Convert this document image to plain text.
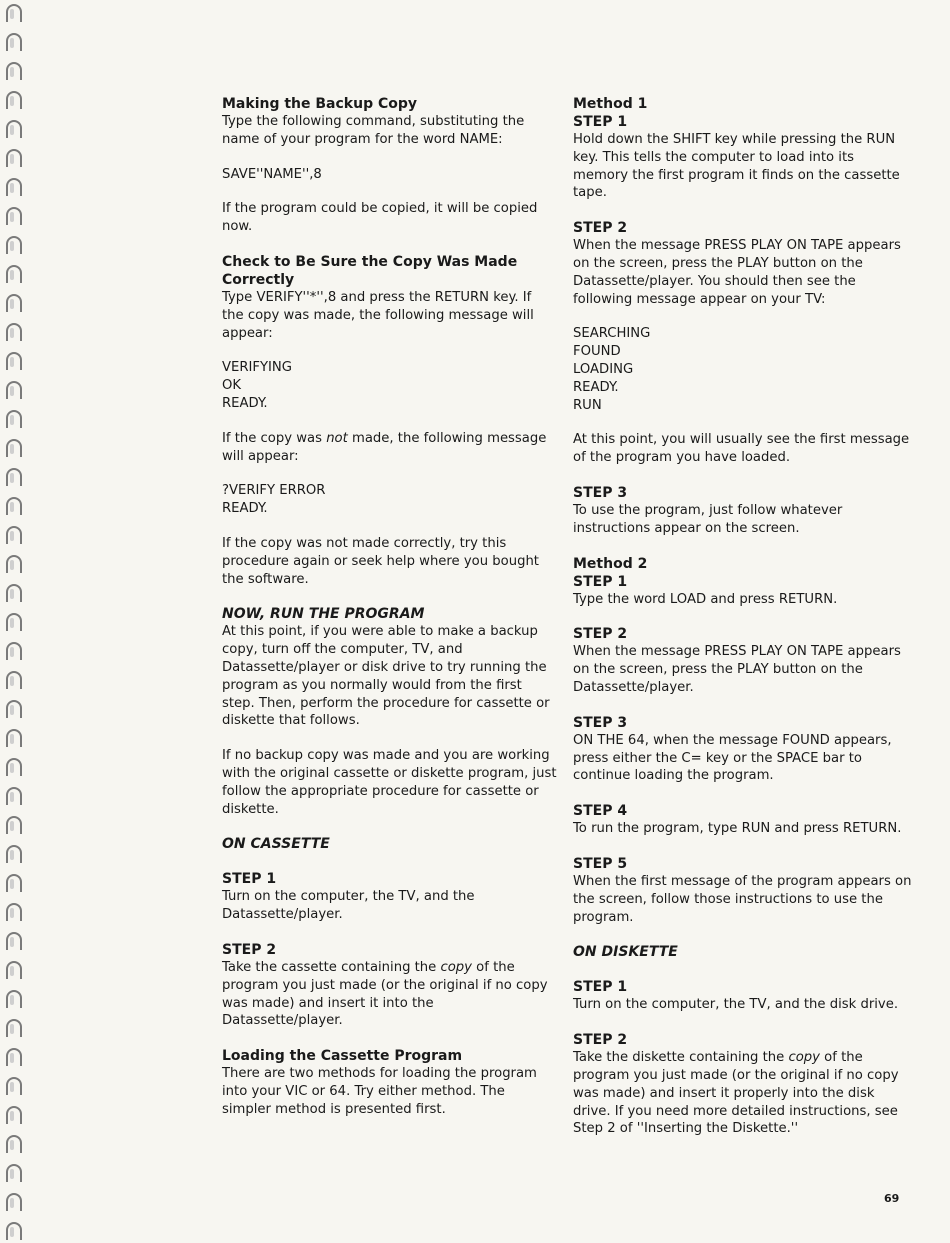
Making the Backup Copy

Type the following command, substituting the name of your program for the word NAME:

SAVE''NAME'',8

If the program could be copied, it will be copied now.

Check to Be Sure the Copy Was Made Correctly

Type VERIFY''*'',8 and press the RETURN key. If the copy was made, the following message will appear:

VERIFYING
OK
READY.

If the copy was not made, the following message will appear:

?VERIFY ERROR
READY.

If the copy was not made correctly, try this procedure again or seek help where you bought the software.

NOW, RUN THE PROGRAM

At this point, if you were able to make a backup copy, turn off the computer, TV, and Datassette/player or disk drive to try running the program as you normally would from the first step. Then, perform the procedure for cassette or diskette that follows.

If no backup copy was made and you are working with the original cassette or diskette program, just follow the appropriate procedure for cassette or diskette.

ON CASSETTE

STEP 1

Turn on the computer, the TV, and the Datassette/player.

STEP 2

Take the cassette containing the copy of the program you just made (or the original if no copy was made) and insert it into the Datassette/player.

Loading the Cassette Program

There are two methods for loading the program into your VIC or 64. Try either method. The simpler method is presented first.

Method 1
STEP 1

Hold down the SHIFT key while pressing the RUN key. This tells the computer to load into its memory the first program it finds on the cassette tape.

STEP 2

When the message PRESS PLAY ON TAPE appears on the screen, press the PLAY button on the Datassette/player. You should then see the following message appear on your TV:

SEARCHING
FOUND
LOADING
READY.
RUN

At this point, you will usually see the first message of the program you have loaded.

STEP 3

To use the program, just follow whatever instructions appear on the screen.

Method 2
STEP 1

Type the word LOAD and press RETURN.

STEP 2

When the message PRESS PLAY ON TAPE appears on the screen, press the PLAY button on the Datassette/player.

STEP 3

ON THE 64, when the message FOUND appears, press either the C= key or the SPACE bar to continue loading the program.

STEP 4

To run the program, type RUN and press RETURN.

STEP 5

When the first message of the program appears on the screen, follow those instructions to use the program.

ON DISKETTE

STEP 1

Turn on the computer, the TV, and the disk drive.

STEP 2

Take the diskette containing the copy of the program you just made (or the original if no copy was made) and insert it properly into the disk drive. If you need more detailed instructions, see Step 2 of ''Inserting the Diskette.''

69
